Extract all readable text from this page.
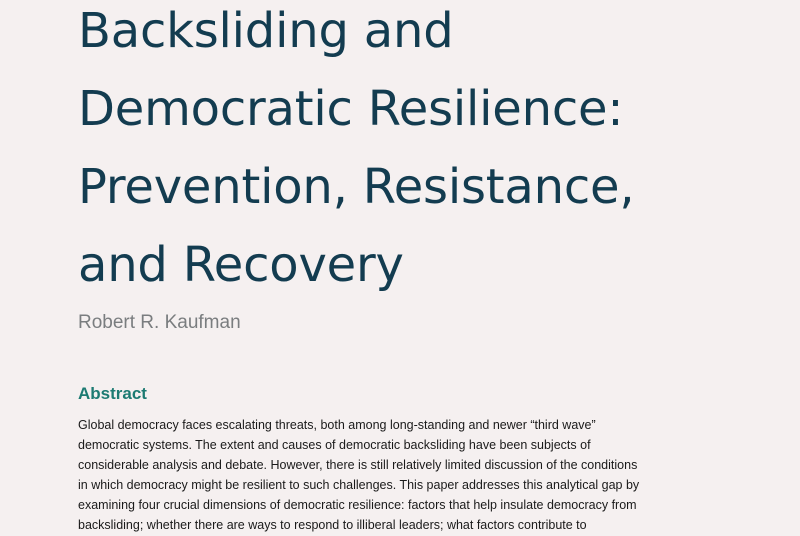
Backsliding and
Democratic Resilience:
Prevention, Resistance,
and Recovery
Robert R. Kaufman
Abstract
Global democracy faces escalating threats, both among long-standing and newer “third wave”
democratic systems. The extent and causes of democratic backsliding have been subjects of
considerable analysis and debate. However, there is still relatively limited discussion of the conditions
in which democracy might be resilient to such challenges. This paper addresses this analytical gap by
examining four crucial dimensions of democratic resilience: factors that help insulate democracy from
backsliding; whether there are ways to respond to illiberal leaders; what factors contribute to
